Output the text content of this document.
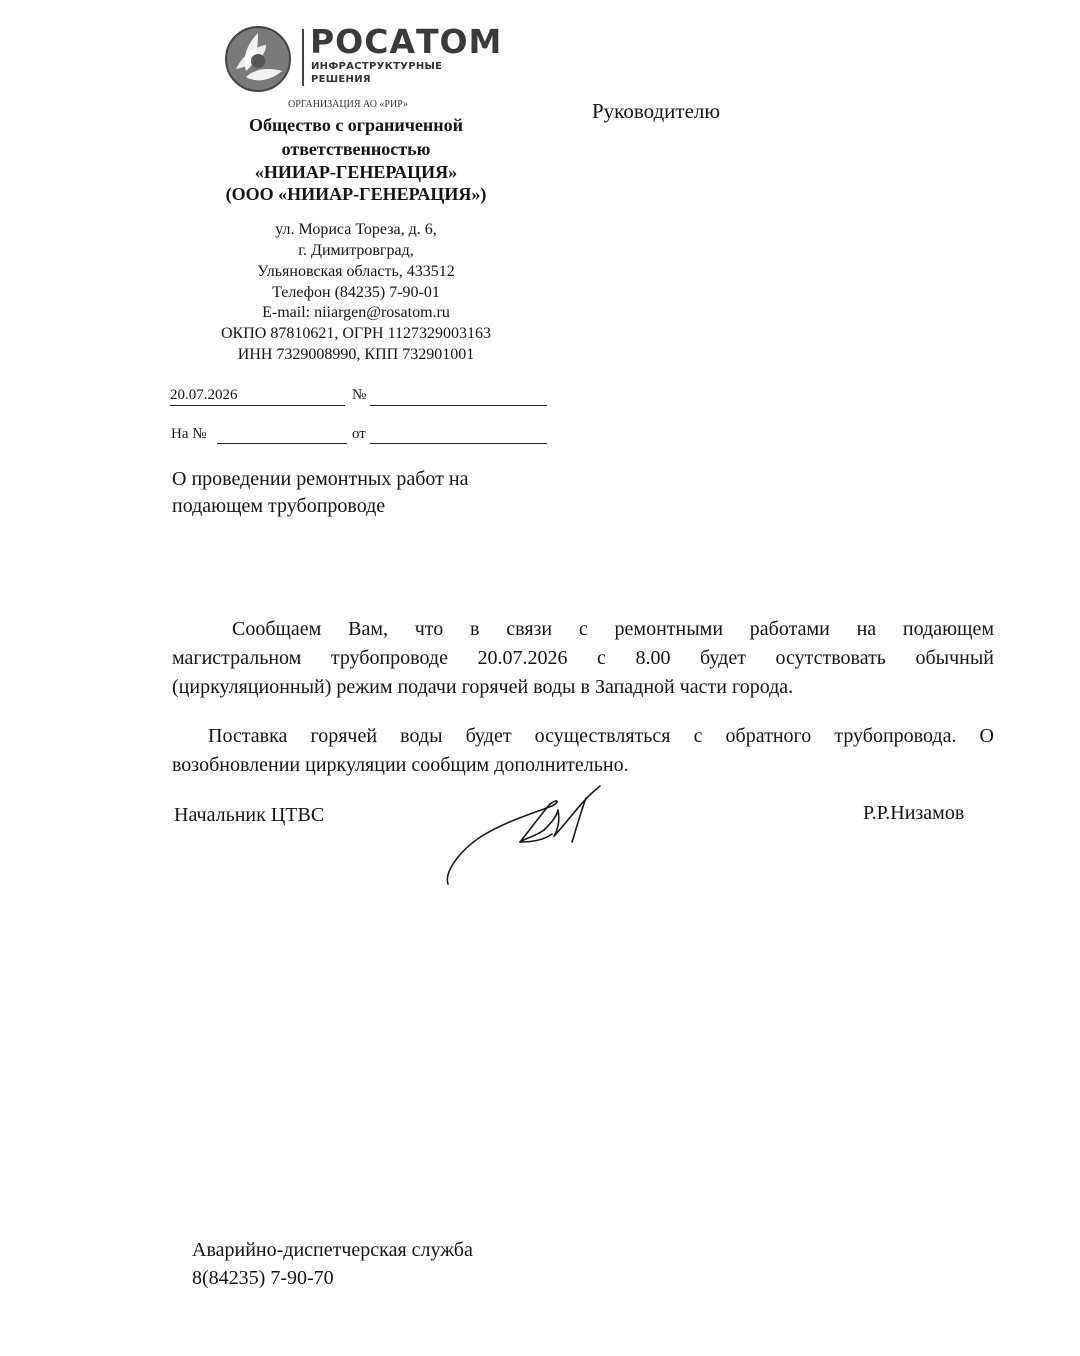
РОСАТОМ
ИНФРАСТРУКТУРНЫЕ
РЕШЕНИЯ
ОРГАНИЗАЦИЯ АО «РИР»
Общество с ограниченной
ответственностью
«НИИАР-ГЕНЕРАЦИЯ»
(ООО «НИИАР-ГЕНЕРАЦИЯ»)
ул. Мориса Тореза, д. 6,
г. Димитровград,
Ульяновская область, 433512
Телефон (84235) 7-90-01
E-mail: niiargen@rosatom.ru
ОКПО 87810621, ОГРН 1127329003163
ИНН 7329008990, КПП 732901001
Руководителю
20.07.2026	№
На №	от
О проведении ремонтных работ на
подающем трубопроводе
Сообщаем Вам, что в связи с ремонтными работами на подающем
магистральном трубопроводе 20.07.2026 с 8.00 будет осутствовать обычный
(циркуляционный) режим подачи горячей воды в Западной части города.
Поставка горячей воды будет осуществляться с обратного трубопровода. О
возобновлении циркуляции сообщим дополнительно.
Начальник ЦТВС	Р.Р.Низамов
Аварийно-диспетчерская служба
8(84235) 7-90-70
